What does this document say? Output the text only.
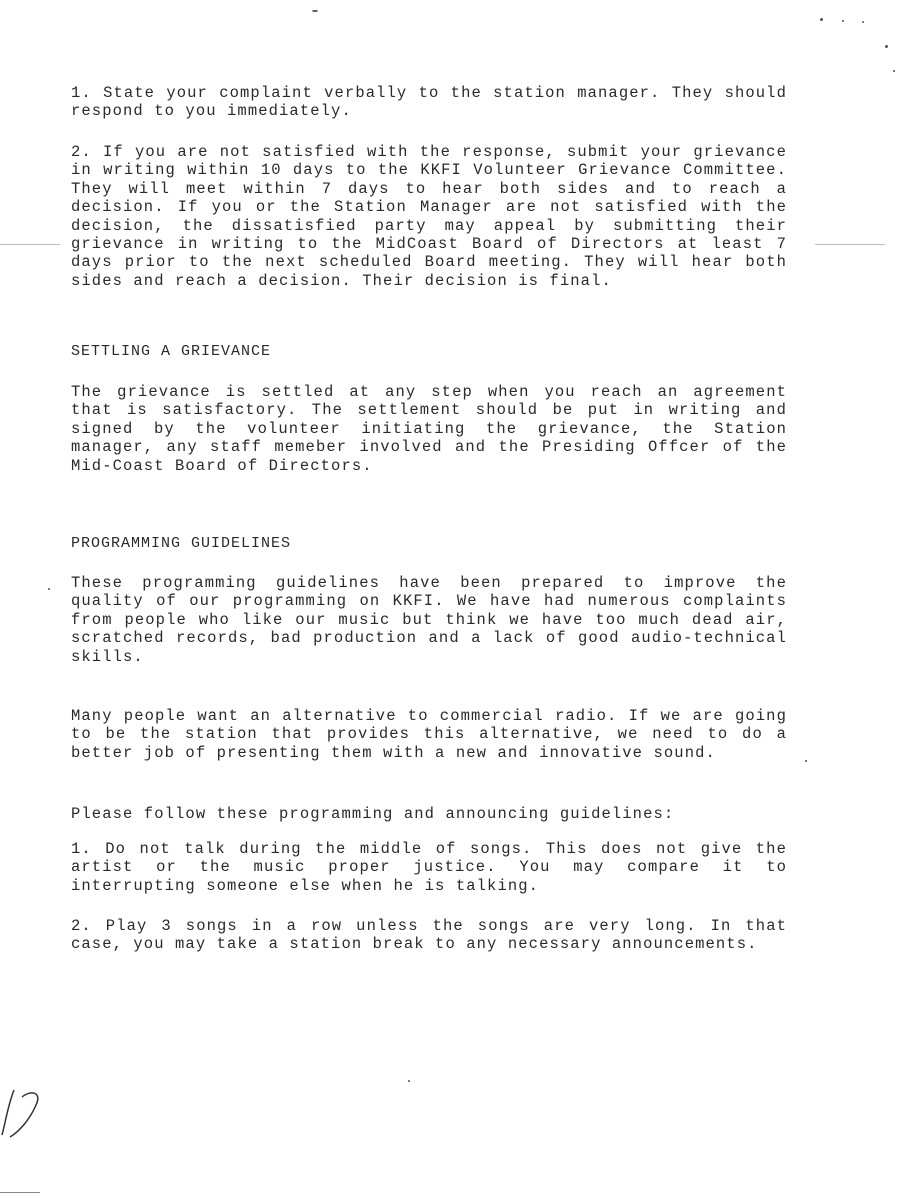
1. State your complaint verbally to the station manager. They should respond to you immediately.
2. If you are not satisfied with the response, submit your grievance in writing within 10 days to the KKFI Volunteer Grievance Committee. They will meet within 7 days to hear both sides and to reach a decision. If you or the Station Manager are not satisfied with the decision, the dissatisfied party may appeal by submitting their grievance in writing to the MidCoast Board of Directors at least 7 days prior to the next scheduled Board meeting. They will hear both sides and reach a decision. Their decision is final.
SETTLING A GRIEVANCE
The grievance is settled at any step when you reach an agreement that is satisfactory. The settlement should be put in writing and signed by the volunteer initiating the grievance, the Station manager, any staff memeber involved and the Presiding Offcer of the Mid-Coast Board of Directors.
PROGRAMMING GUIDELINES
These programming guidelines have been prepared to improve the quality of our programming on KKFI. We have had numerous complaints from people who like our music but think we have too much dead air, scratched records, bad production and a lack of good audio-technical skills.
Many people want an alternative to commercial radio. If we are going to be the station that provides this alternative, we need to do a better job of presenting them with a new and innovative sound.
Please follow these programming and announcing guidelines:
1. Do not talk during the middle of songs. This does not give the artist or the music proper justice. You may compare it to interrupting someone else when he is talking.
2. Play 3 songs in a row unless the songs are very long. In that case, you may take a station break to any necessary announcements.
